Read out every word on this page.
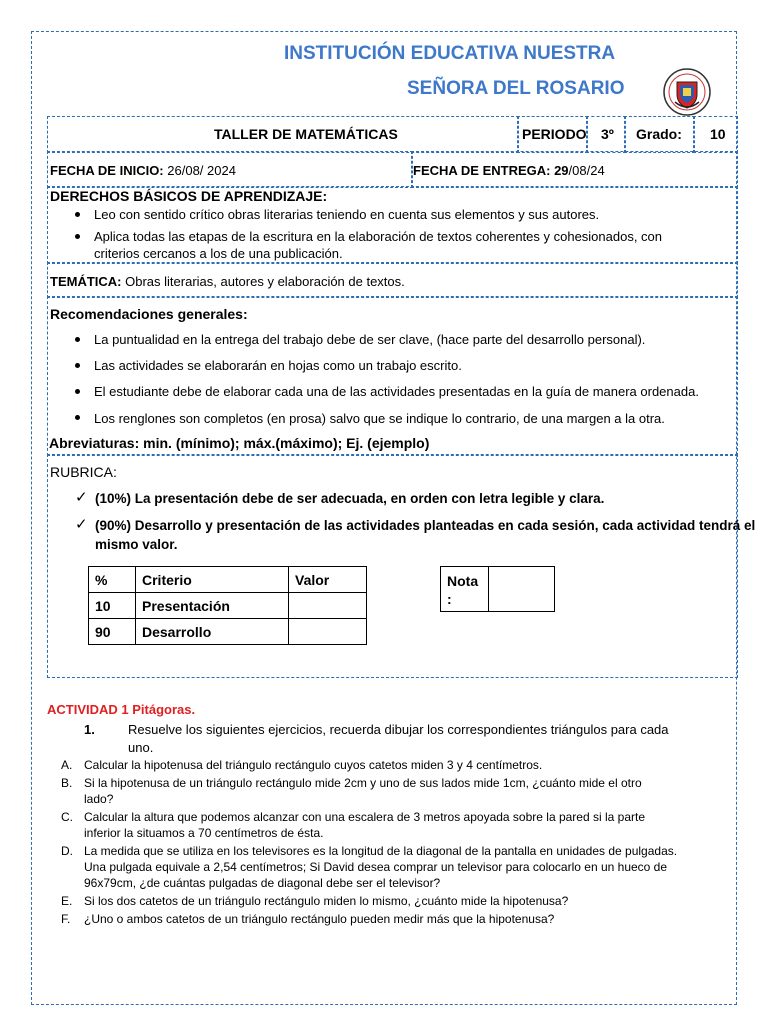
INSTITUCIÓN EDUCATIVA NUESTRA
SEÑORA DEL ROSARIO
TALLER DE MATEMÁTICAS	PERIODO 3º Grado: 10
FECHA DE INICIO: 26/08/ 2024	FECHA DE ENTREGA: 29/08/24
DERECHOS BÁSICOS DE APRENDIZAJE:
Leo con sentido crítico obras literarias teniendo en cuenta sus elementos y sus autores.
Aplica todas las etapas de la escritura en la elaboración de textos coherentes y cohesionados, con
criterios cercanos a los de una publicación.
TEMÁTICA: Obras literarias, autores y elaboración de textos.
Recomendaciones generales:
La puntualidad en la entrega del trabajo debe de ser clave, (hace parte del desarrollo personal).
Las actividades se elaborarán en hojas como un trabajo escrito.
El estudiante debe de elaborar cada una de las actividades presentadas en la guía de manera ordenada.
Los renglones son completos (en prosa) salvo que se indique lo contrario, de una margen a la otra.
Abreviaturas: min. (mínimo); máx.(máximo); Ej. (ejemplo)
RUBRICA:
✓ (10%) La presentación debe de ser adecuada, en orden con letra legible y clara.
✓ (90%) Desarrollo y presentación de las actividades planteadas en cada sesión, cada actividad tendrá el
mismo valor.
%	Criterio	Valor
10	Presentación	
90	Desarrollo	
Nota
:
ACTIVIDAD 1 Pitágoras.
1.	Resuelve los siguientes ejercicios, recuerda dibujar los correspondientes triángulos para cada
uno.
A. Calcular la hipotenusa del triángulo rectángulo cuyos catetos miden 3 y 4 centímetros.
B. Si la hipotenusa de un triángulo rectángulo mide 2cm y uno de sus lados mide 1cm, ¿cuánto mide el otro
lado?
C. Calcular la altura que podemos alcanzar con una escalera de 3 metros apoyada sobre la pared si la parte
inferior la situamos a 70 centímetros de ésta.
D. La medida que se utiliza en los televisores es la longitud de la diagonal de la pantalla en unidades de pulgadas.
Una pulgada equivale a 2,54 centímetros; Si David desea comprar un televisor para colocarlo en un hueco de
96x79cm, ¿de cuántas pulgadas de diagonal debe ser el televisor?
E. Si los dos catetos de un triángulo rectángulo miden lo mismo, ¿cuánto mide la hipotenusa?
F. ¿Uno o ambos catetos de un triángulo rectángulo pueden medir más que la hipotenusa?
